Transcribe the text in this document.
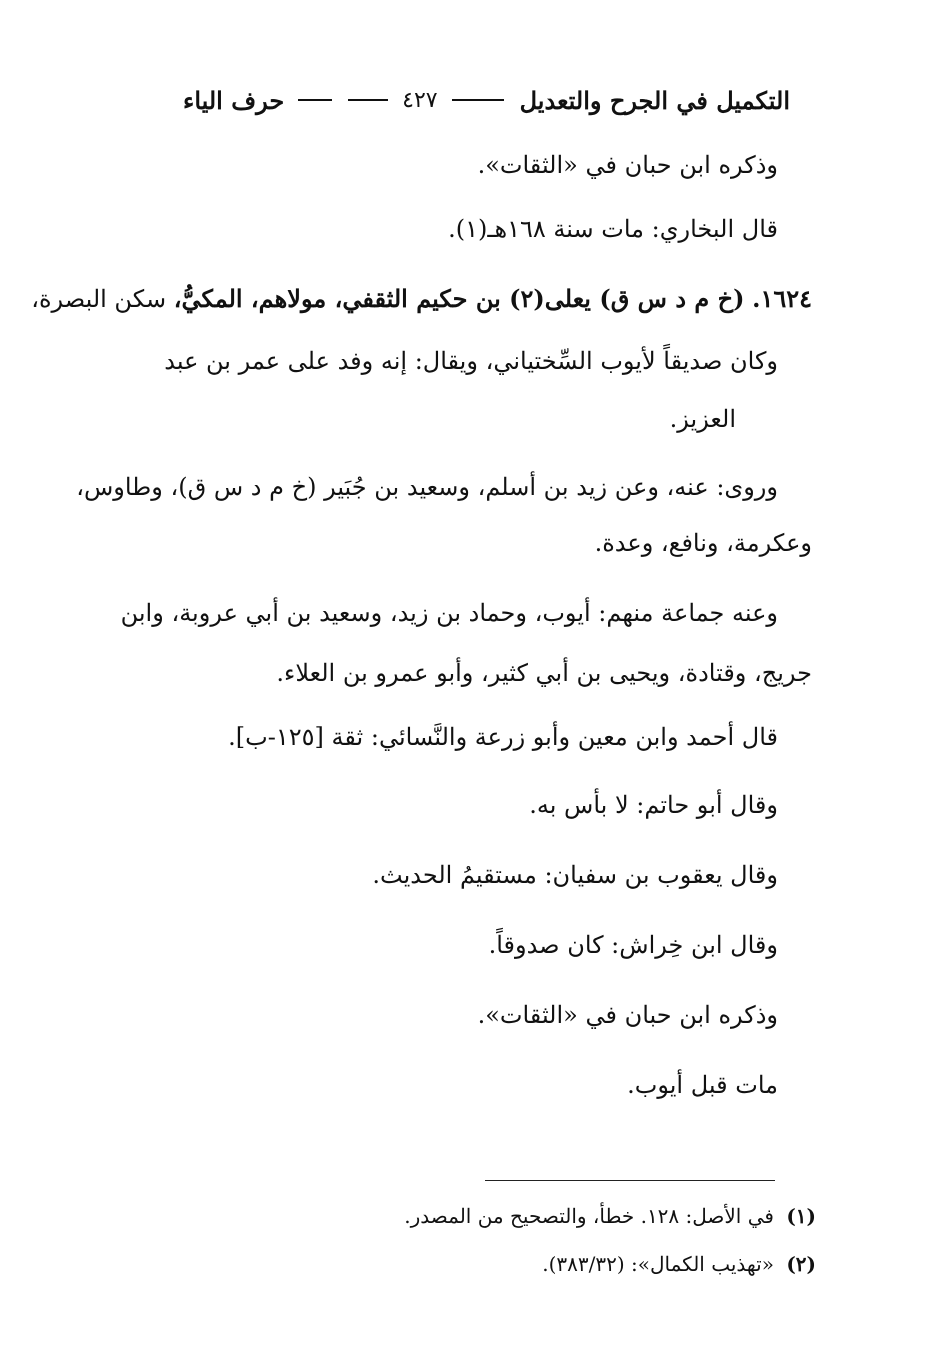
التكميل في الجرح والتعديل
٤٢٧
حرف الياء
وذكره ابن حبان في «الثقات».
قال البخاري: مات سنة ١٦٨هـ(١).
١٦٢٤. (خ م د س ق) يعلى(٢) بن حكيم الثقفي، مولاهم، المكيُّ، سكن البصرة،
وكان صديقاً لأيوب السِّختياني، ويقال: إنه وفد على عمر بن عبد
العزيز.
وروى: عنه، وعن زيد بن أسلم، وسعيد بن جُبَير (خ م د س ق)، وطاوس،
وعكرمة، ونافع، وعدة.
وعنه جماعة منهم: أيوب، وحماد بن زيد، وسعيد بن أبي عروبة، وابن
جريج، وقتادة، ويحيى بن أبي كثير، وأبو عمرو بن العلاء.
قال أحمد وابن معين وأبو زرعة والنَّسائي: ثقة [١٢٥-ب].
وقال أبو حاتم: لا بأس به.
وقال يعقوب بن سفيان: مستقيمُ الحديث.
وقال ابن خِراش: كان صدوقاً.
وذكره ابن حبان في «الثقات».
مات قبل أيوب.
(١) في الأصل: ١٢٨. خطأ، والتصحيح من المصدر.
(٢) «تهذيب الكمال»: (٣٨٣/٣٢).
